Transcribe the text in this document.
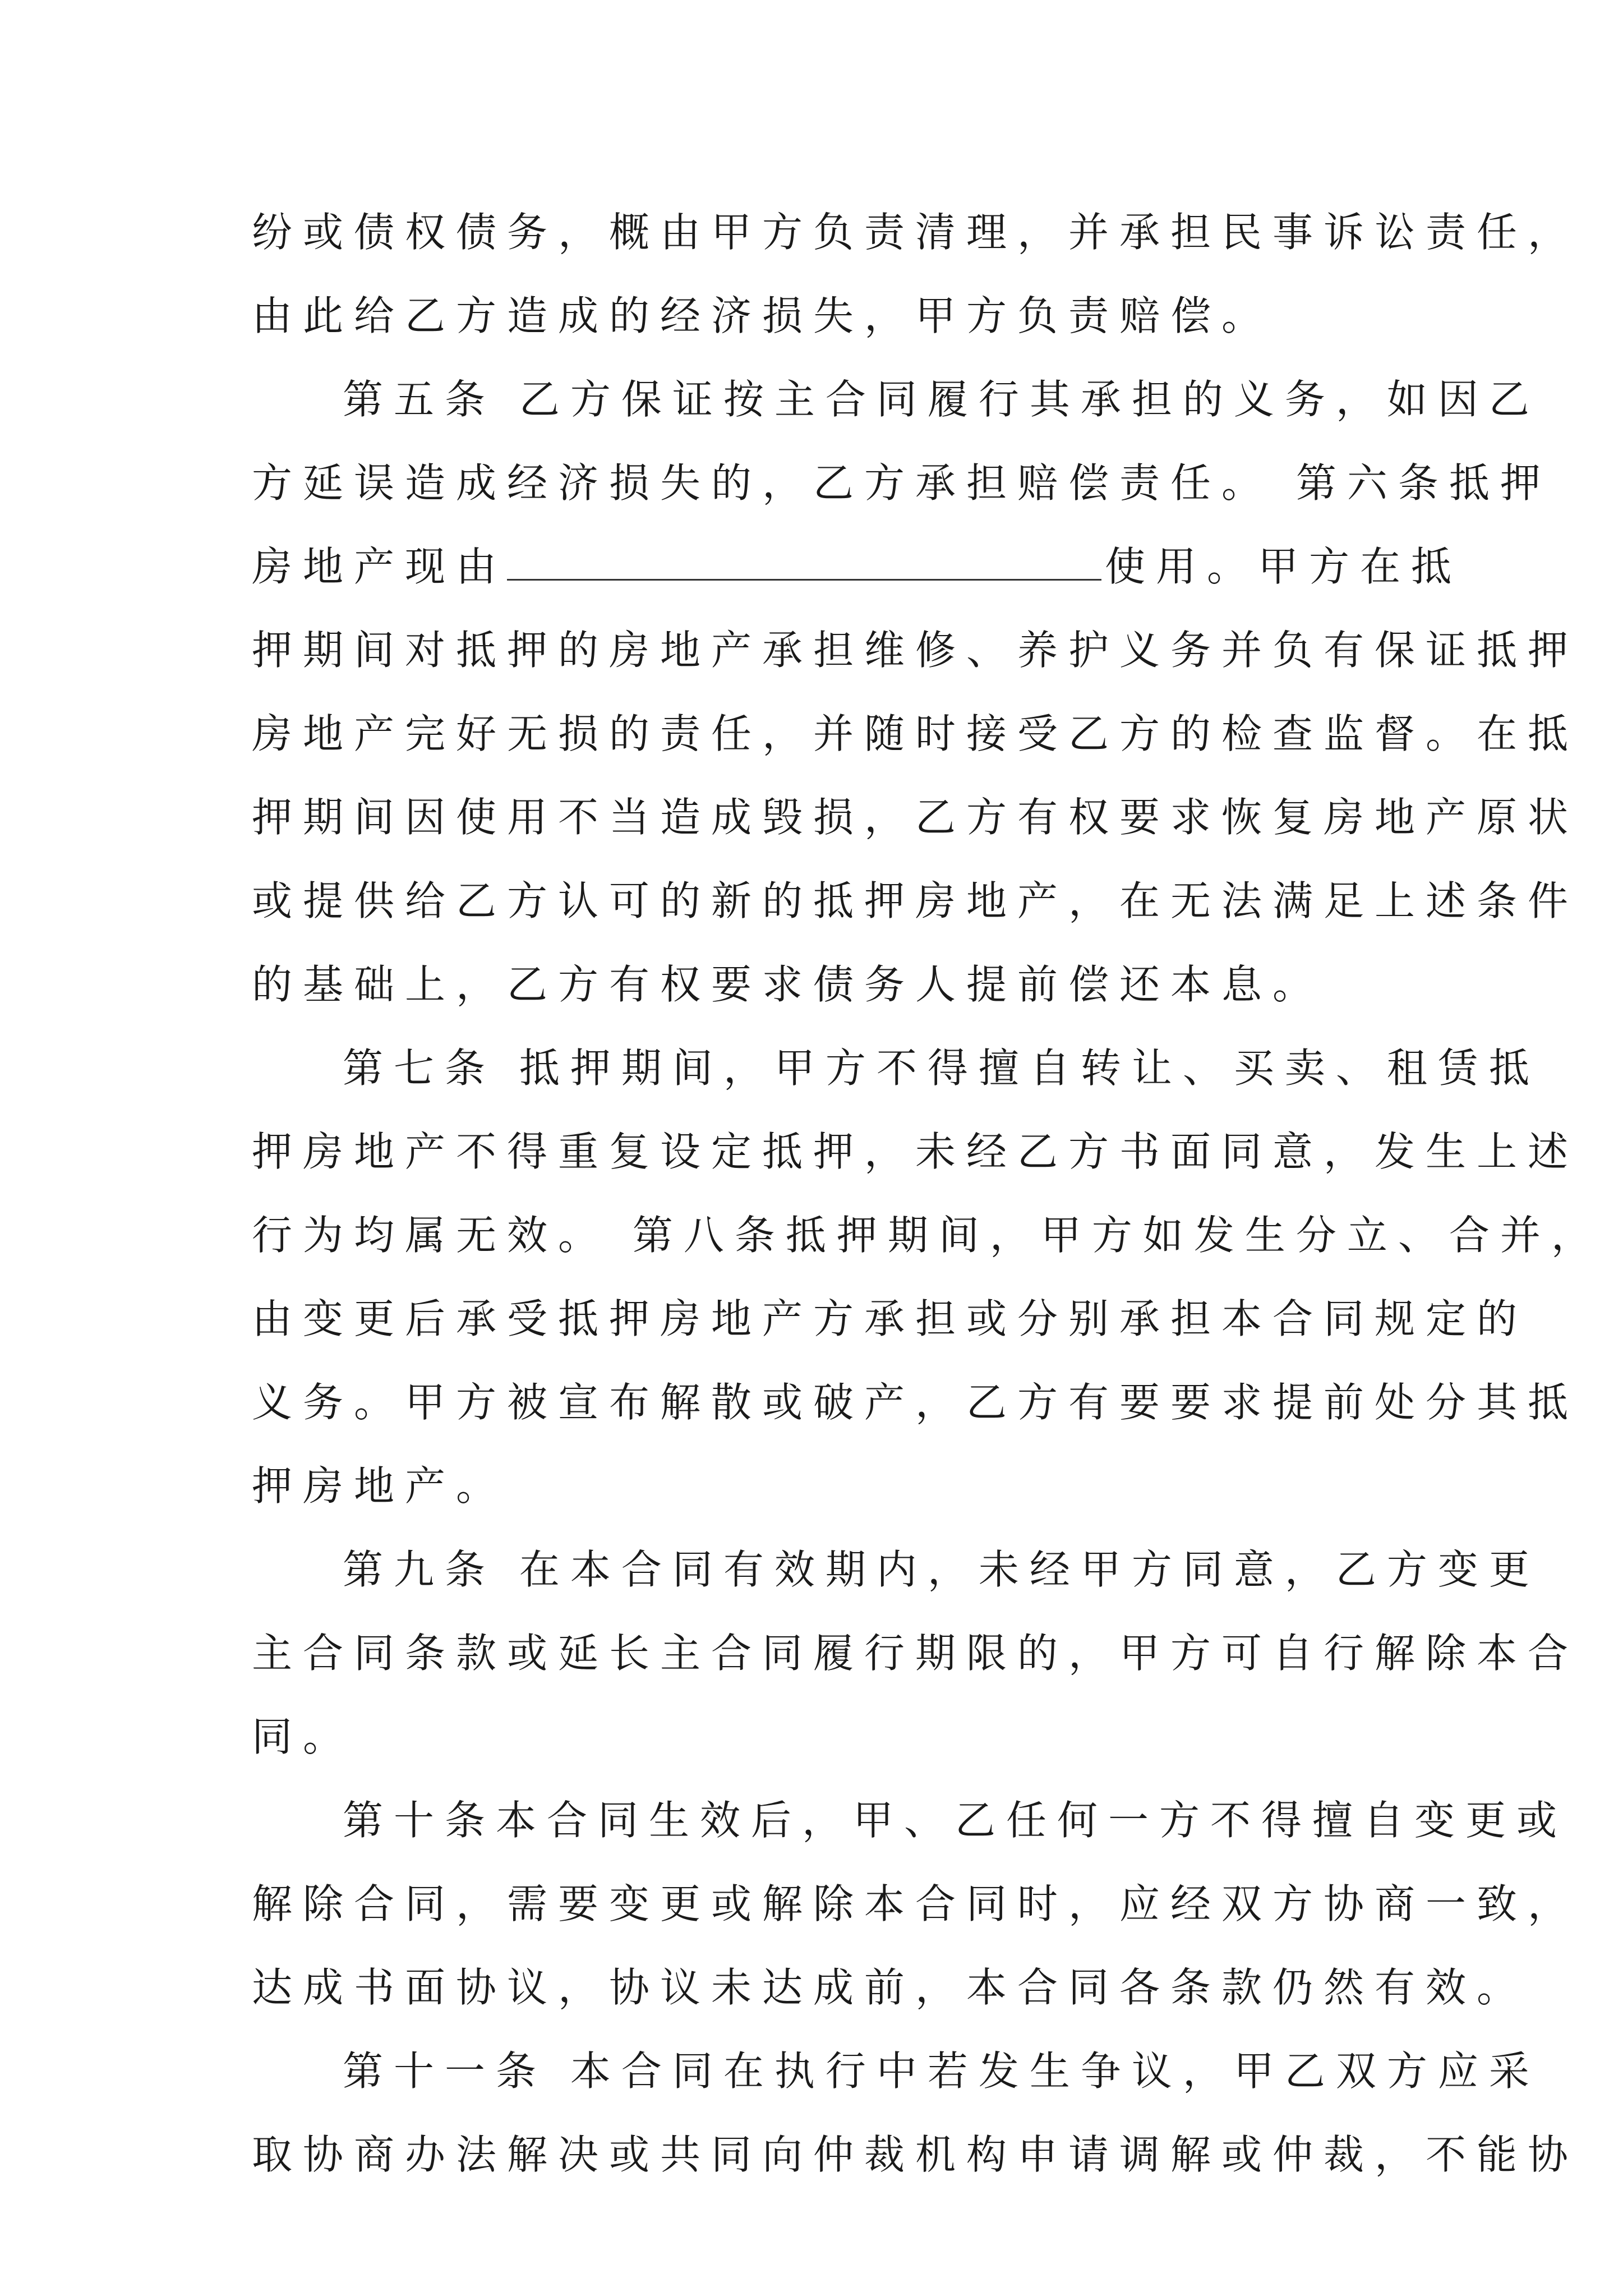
纷或债权债务，概由甲方负责清理，并承担民事诉讼责任，
由此给乙方造成的经济损失，甲方负责赔偿。
第五条 乙方保证按主合同履行其承担的义务，如因乙
方延误造成经济损失的，乙方承担赔偿责任。 第六条抵押
房地产现由	使用。甲方在抵
押期间对抵押的房地产承担维修、养护义务并负有保证抵押
房地产完好无损的责任，并随时接受乙方的检查监督。在抵
押期间因使用不当造成毁损，乙方有权要求恢复房地产原状
或提供给乙方认可的新的抵押房地产，在无法满足上述条件
的基础上，乙方有权要求债务人提前偿还本息。
第七条 抵押期间，甲方不得擅自转让、买卖、租赁抵
押房地产不得重复设定抵押，未经乙方书面同意，发生上述
行为均属无效。 第八条抵押期间，甲方如发生分立、合并，
由变更后承受抵押房地产方承担或分别承担本合同规定的
义务。甲方被宣布解散或破产，乙方有要要求提前处分其抵
押房地产。
第九条 在本合同有效期内，未经甲方同意，乙方变更
主合同条款或延长主合同履行期限的，甲方可自行解除本合
同。
第十条本合同生效后，甲、乙任何一方不得擅自变更或
解除合同，需要变更或解除本合同时，应经双方协商一致，
达成书面协议，协议未达成前，本合同各条款仍然有效。
第十一条 本合同在执行中若发生争议，甲乙双方应采
取协商办法解决或共同向仲裁机构申请调解或仲裁，不能协
